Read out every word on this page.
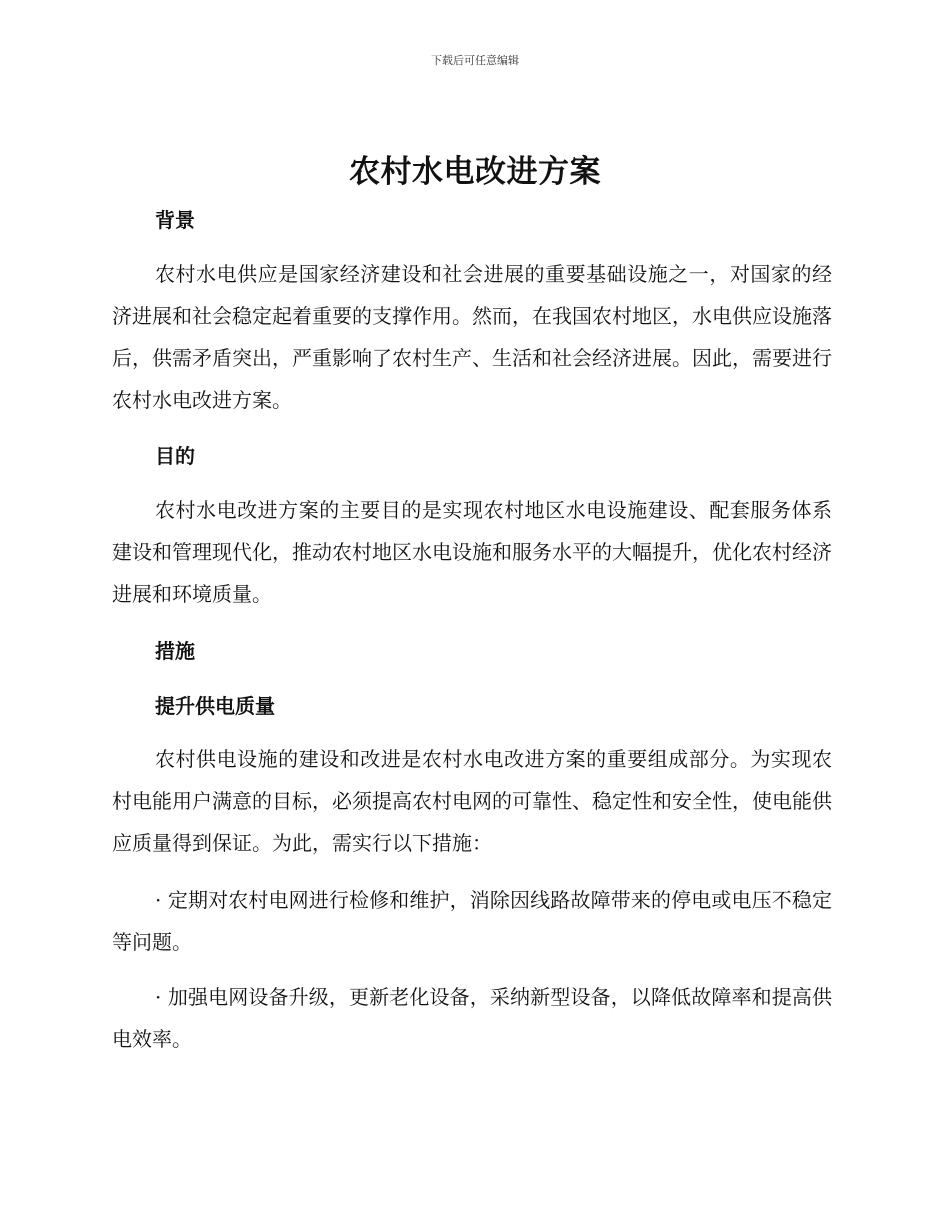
下载后可任意编辑
农村水电改进方案
背景

农村水电供应是国家经济建设和社会进展的重要基础设施之一，对国家的经济进展和社会稳定起着重要的支撑作用。然而，在我国农村地区，水电供应设施落后，供需矛盾突出，严重影响了农村生产、生活和社会经济进展。因此，需要进行农村水电改进方案。

目的

农村水电改进方案的主要目的是实现农村地区水电设施建设、配套服务体系建设和管理现代化，推动农村地区水电设施和服务水平的大幅提升，优化农村经济进展和环境质量。

措施
提升供电质量

农村供电设施的建设和改进是农村水电改进方案的重要组成部分。为实现农村电能用户满意的目标，必须提高农村电网的可靠性、稳定性和安全性，使电能供应质量得到保证。为此，需实行以下措施：

· 定期对农村电网进行检修和维护，消除因线路故障带来的停电或电压不稳定等问题。

· 加强电网设备升级，更新老化设备，采纳新型设备，以降低故障率和提高供电效率。
